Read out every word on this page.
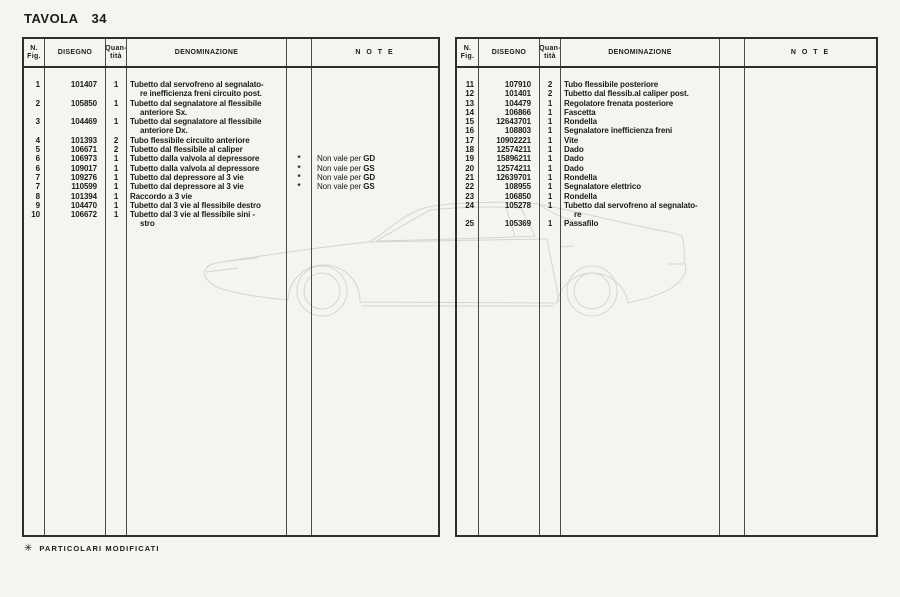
TAVOLA 34
N.
Fig.
DISEGNO
Quan-
tità
DENOMINAZIONE	N O T E
1	101407	1	Tubetto dal servofreno al segnalato-
re inefficienza freni circuito post.
2	105850	1	Tubetto dal segnalatore al flessibile
anteriore Sx.
3	104469	1	Tubetto dal segnalatore al flessibile
anteriore Dx.
4	101393	2	Tubo flessibile circuito anteriore
5	106671	2	Tubetto dal flessibile al caliper
6	106973	1	Tubetto dalla valvola al depressore	*	Non vale per GD
6	109017	1	Tubetto dalla valvola al depressore	*	Non vale per GS
7	109276	1	Tubetto dal depressore al 3 vie	*	Non vale per GD
7	110599	1	Tubetto dal depressore al 3 vie	*	Non vale per GS
8	101394	1	Raccordo a 3 vie
9	104470	1	Tubetto dal 3 vie al flessibile destro
10	106672	1	Tubetto dal 3 vie al flessibile sini -
stro
N.
Fig.
DISEGNO
Quan-
tità
DENOMINAZIONE	N O T E
11	107910	2	Tubo flessibile posteriore
12	101401	2	Tubetto dal flessib.al caliper post.
13	104479	1	Regolatore frenata posteriore
14	106866	1	Fascetta
15	12643701	1	Rondella
16	108803	1	Segnalatore inefficienza freni
17	10902221	1	Vite
18	12574211	1	Dado
19	15896211	1	Dado
20	12574211	1	Dado
21	12639701	1	Rondella
22	108955	1	Segnalatore elettrico
23	106850	1	Rondella
24	105278	1	Tubetto dal servofreno al segnalato-
re
25	105369	1	Passafilo
✳ PARTICOLARI MODIFICATI
